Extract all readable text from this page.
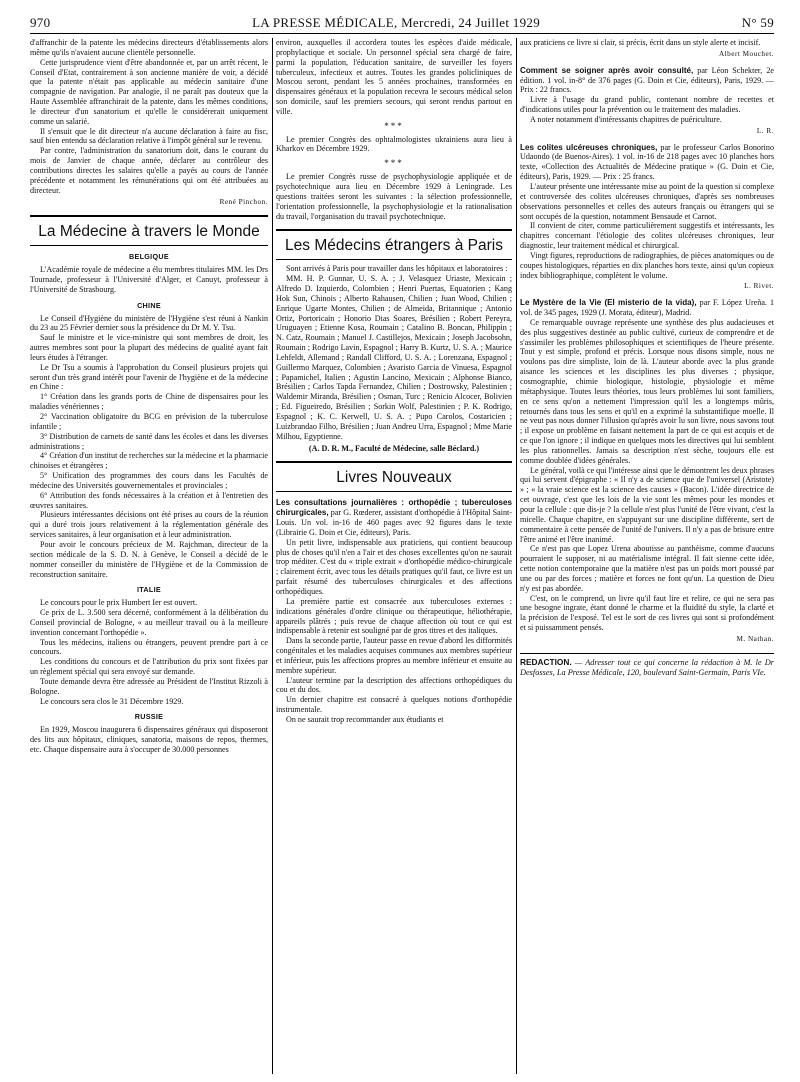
970	LA PRESSE MÉDICALE, Mercredi, 24 Juillet 1929	N° 59

d'affranchir de la patente les médecins directeurs d'établissements alors même qu'ils n'avaient aucune clientèle personnelle.

Cette jurisprudence vient d'être abandonnée et, par un arrêt récent, le Conseil d'Etat, contrairement à son ancienne manière de voir, a décidé que la patente n'était pas applicable au médecin sanitaire d'une compagnie de navigation. Par analogie, il ne paraît pas douteux que la Haute Assemblée affranchirait de la patente, dans les mêmes conditions, le directeur d'un sanatorium et qu'elle le considérerait uniquement comme un salarié.

Il s'ensuit que le dit directeur n'a aucune déclaration à faire au fisc, sauf bien entendu sa déclaration relative à l'impôt général sur le revenu.

Par contre, l'administration du sanatorium doit, dans le courant du mois de Janvier de chaque année, déclarer au contrôleur des contributions directes les salaires qu'elle a payés au cours de l'année précédente et notamment les rémunérations qui ont été attribuées au directeur.

René Pinchon.
La Médecine à travers le Monde
BELGIQUE

L'Académie royale de médecine a élu membres titulaires MM. les Drs Tournade, professeur à l'Université d'Alger, et Canuyt, professeur à l'Université de Strasbourg.

CHINE

Le Conseil d'Hygiène du ministère de l'Hygiène s'est réuni à Nankin du 23 au 25 Février dernier sous la présidence du Dr M. Y. Tsu.

Sauf le ministre et le vice-ministre qui sont membres de droit, les autres membres sont pour la plupart des médecins de qualité ayant fait leurs études à l'étranger.

Le Dr Tsu a soumis à l'approbation du Conseil plusieurs projets qui seront d'un très grand intérêt pour l'avenir de l'hygiène et de la médecine en Chine :

1° Création dans les grands ports de Chine de dispensaires pour les maladies vénériennes ;

2° Vaccination obligatoire du BCG en prévision de la tuberculose infantile ;

3° Distribution de carnets de santé dans les écoles et dans les diverses administrations ;

4° Création d'un institut de recherches sur la médecine et la pharmacie chinoises et étrangères ;

5° Unification des programmes des cours dans les Facultés de médecine des Universités gouvernementales et provinciales ;

6° Attribution des fonds nécessaires à la création et à l'entretien des œuvres sanitaires.

Plusieurs intéressantes décisions ont été prises au cours de la réunion qui a duré trois jours relativement à la réglementation générale des services sanitaires, à leur organisation et à leur administration.

Pour avoir le concours précieux de M. Rajchman, directeur de la section médicale de la S. D. N. à Genève, le Conseil a décidé de le nommer conseiller du ministère de l'Hygiène et de la Commission de reconstruction sanitaire.

ITALIE

Le concours pour le prix Humbert Ier est ouvert.

Ce prix de L. 3.500 sera décerné, conformément à la délibération du Conseil provincial de Bologne, « au meilleur travail ou à la meilleure invention concernant l'orthopédie ».

Tous les médecins, italiens ou étrangers, peuvent prendre part à ce concours.

Les conditions du concours et de l'attribution du prix sont fixées par un règlement spécial qui sera envoyé sur demande.

Toute demande devra être adressée au Président de l'Institut Rizzoli à Bologne.

Le concours sera clos le 31 Décembre 1929.

RUSSIE

En 1929, Moscou inaugurera 6 dispensaires généraux qui disposeront des lits aux hôpitaux, cliniques, sanatoria, maisons de repos, thermes, etc. Chaque dispensaire aura à s'occuper de 30.000 personnes

environ, auxquelles il accordera toutes les espèces d'aide médicale, prophylactique et sociale. Un personnel spécial sera chargé de faire, parmi la population, l'éducation sanitaire, de surveiller les foyers tuberculeux, infectieux et autres. Toutes les grandes policliniques de Moscou seront, pendant les 5 années prochaines, transformées en dispensaires généraux et la population recevra le secours médical selon son domicile, sauf les premiers secours, qui seront rendus partout en ville.

***

Le premier Congrès des ophtalmologistes ukrainiens aura lieu à Kharkov en Décembre 1929.

***

Le premier Congrès russe de psychophysiologie appliquée et de psychotechnique aura lieu en Décembre 1929 à Leningrade. Les questions traitées seront les suivantes : la sélection professionnelle, l'orientation professionnelle, la psychophysiologie et la rationalisation du travail, l'organisation du travail psychotechnique.

Les Médecins étrangers à Paris

Sont arrivés à Paris pour travailler dans les hôpitaux et laboratoires :

MM. H. P. Gunnar, U. S. A. ; J. Velasquez Uriaste, Mexicain ; Alfredo D. Izquierdo, Colombien ; Henri Puertas, Equatorien ; Kang Hok Sun, Chinois ; Alberto Rahausen, Chilien ; Juan Wood, Chilien ; Enrique Ugarte Montes, Chilien ; de Almeida, Britannique ; Antonio Ortiz, Portoricain ; Honorio Dias Soares, Brésilien ; Robert Pereyra, Uruguayen ; Etienne Kosa, Roumain ; Catalino B. Boncan, Philippin ; N. Catz, Roumain ; Manuel J. Castillejos, Mexicain ; Joseph Jacobsohn, Roumain ; Rodrigo Lavin, Espagnol ; Harry B. Kurtz, U. S. A. ; Maurice Lehfeldt, Allemand ; Randall Clifford, U. S. A. ; Lorenzana, Espagnol ; Guillermo Marquez, Colombien ; Avaristo Garcia de Vinuesa, Espagnol ; Papamichel, Italien ; Agustin Lancino, Mexicain ; Alphonse Bianco, Brésilien ; Carlos Tapda Fernandez, Chilien ; Dostrowsky, Palestinien ; Waldemir Miranda, Brésilien ; Osman, Turc ; Renicio Alcocer, Bolivien ; Ed. Figueiredo, Brésilien ; Sorkin Wolf, Palestinien ; P. K. Rodrigo, Espagnol ; K. C. Kerwell, U. S. A. ; Pupo Carolos, Costaricien ; Luizbrandao Filho, Brésilien ; Juan Andreu Urra, Espagnol ; Mme Marie Milhou, Egyptienne.

(A. D. R. M., Faculté de Médecine, salle Béclard.)

Livres Nouveaux

Les consultations journalières : orthopédie ; tuberculoses chirurgicales, par G. Rœderer, assistant d'orthopédie à l'Hôpital Saint-Louis. Un vol. in-16 de 460 pages avec 92 figures dans le texte (Librairie G. Doin et Cie, éditeurs), Paris.

Un petit livre, indispensable aux praticiens, qui contient beaucoup plus de choses qu'il n'en a l'air et des choses excellentes qu'on ne saurait trop méditer. C'est du « triple extrait » d'orthopédie médico-chirurgicale ; clairement écrit, avec tous les détails pratiques qu'il faut, ce livre est un parfait résumé des tuberculoses chirurgicales et des affections orthopédiques.

La première partie est consacrée aux tuberculoses externes : indications générales d'ordre clinique ou thérapeutique, héliothérapie, appareils plâtrés ; puis revue de chaque affection où tout ce qui est indispensable à retenir est souligné par de gros titres et des italiques.

Dans la seconde partie, l'auteur passe en revue d'abord les difformités congénitales et les maladies acquises communes aux membres supérieur et inférieur, puis les affections propres au membre inférieur et ensuite au membre supérieur.

L'auteur termine par la description des affections orthopédiques du cou et du dos.

Un dernier chapitre est consacré à quelques notions d'orthopédie instrumentale.

On ne saurait trop recommander aux étudiants et

aux praticiens ce livre si clair, si précis, écrit dans un style alerte et incisif.

Albert Mouchet.

Comment se soigner après avoir consulté, par Léon Schekter, 2e édition. 1 vol. in-8° de 376 pages (G. Doin et Cie, éditeurs), Paris, 1929. — Prix : 22 francs.

Livre à l'usage du grand public, contenant nombre de recettes et d'indications utiles pour la prévention ou le traitement des maladies.

A noter notamment d'intéressants chapitres de puériculture.

L. R.

Les colites ulcéreuses chroniques, par le professeur Carlos Bonorino Udaondo (de Buenos-Aires). 1 vol. in-16 de 218 pages avec 10 planches hors texte, «Collection des Actualités de Médecine pratique » (G. Doin et Cie, éditeurs), Paris, 1929. — Prix : 25 francs.

L'auteur présente une intéressante mise au point de la question si complexe et controversée des colites ulcéreuses chroniques, d'après ses nombreuses observations personnelles et celles des auteurs français ou étrangers qui se sont occupés de la question, notamment Bensaude et Carnot.

Il convient de citer, comme particulièrement suggestifs et intéressants, les chapitres concernant l'étiologie des colites ulcéreuses chroniques, leur diagnostic, leur traitement médical et chirurgical.

Vingt figures, reproductions de radiographies, de pièces anatomiques ou de coupes histologiques, réparties en dix planches hors texte, ainsi qu'un copieux index bibliographique, complètent le volume.

L. Rivet.

Le Mystère de la Vie (El misterio de la vida), par F. López Ureña. 1 vol. de 345 pages, 1929 (J. Morata, éditeur), Madrid.

Ce remarquable ouvrage représente une synthèse des plus audacieuses et des plus suggestives destinée au public cultivé, curieux de comprendre et de s'assimiler les problèmes philosophiques et scientifiques de l'heure présente. Tout y est simple, profond et précis. Lorsque nous disons simple, nous ne voulons pas dire simpliste, loin de là. L'auteur aborde avec la plus grande aisance les sciences et les disciplines les plus diverses ; physique, cosmographie, chimie biologique, histologie, physiologie et même métaphysique. Toutes leurs théories, tous leurs problèmes lui sont familiers, en ce sens qu'on a nettement l'impression qu'il les a longtemps mûris, retournés dans tous les sens et qu'il en a exprimé la substantifique moelle. Il ne veut pas nous donner l'illusion qu'après avoir lu son livre, nous savons tout ; il expose un problème en faisant nettement la part de ce qui est acquis et de ce que l'on ignore ; il indique en quelques mots les directives qui lui semblent les plus rationnelles. Jamais sa description n'est sèche, toujours elle est comme doublée d'idées générales.

Le général, voilà ce qui l'intéresse ainsi que le démontrent les deux phrases qui lui servent d'épigraphe : « Il n'y a de science que de l'universel (Aristote) » ; « la vraie science est la science des causes » (Bacon). L'idée directrice de cet ouvrage, c'est que les lois de la vie sont les mêmes pour les mondes et pour la cellule : que dis-je ? la cellule n'est plus l'unité de l'être vivant, c'est la micelle. Chaque chapitre, en s'appuyant sur une discipline différente, sert de commentaire à cette pensée de l'unité de l'univers. Il n'y a pas de brisure entre l'être animé et l'être inanimé.

Ce n'est pas que Lopez Urena aboutisse au panthéisme, comme d'aucuns pourraient le supposer, ni au matérialisme intégral. Il fait sienne cette idée, cette notion contemporaine que la matière n'est pas un poids mort poussé par une ou par des forces ; matière et forces ne font qu'un. La question de Dieu n'y est pas abordée.

C'est, on le comprend, un livre qu'il faut lire et relire, ce qui ne sera pas une besogne ingrate, étant donné le charme et la fluidité du style, la clarté et la précision de l'exposé. Tel est le sort de ces livres qui sont si profondément et si puissamment pensés.

M. Nathan.

REDACTION. — Adresser tout ce qui concerne la rédaction à M. le Dr Desfosses, La Presse Médicale, 120, boulevard Saint-Germain, Paris VIe.
